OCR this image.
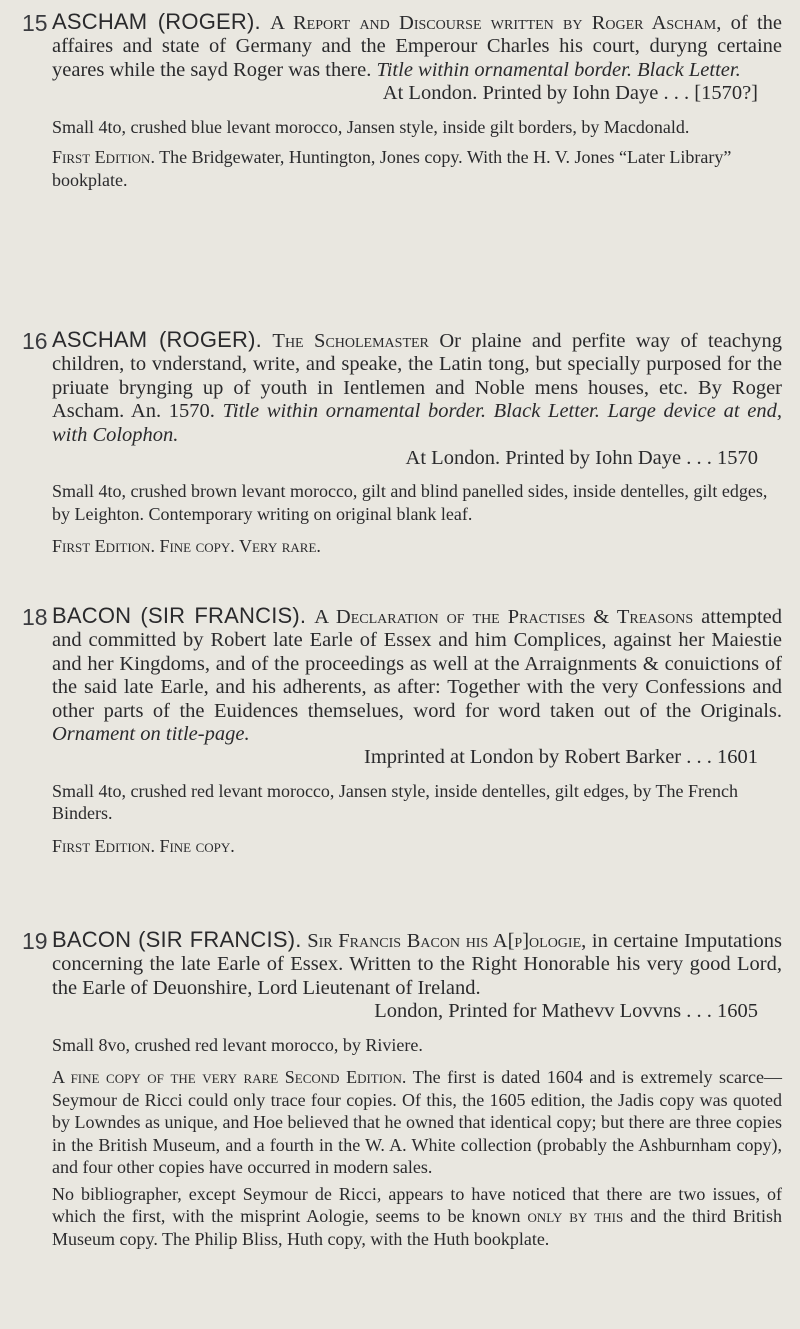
15 ASCHAM (ROGER). A Report and Discourse written by Roger Ascham, of the affaires and state of Germany and the Emperour Charles his court, duryng certaine yeares while the sayd Roger was there. Title within ornamental border. Black Letter.
At London. Printed by Iohn Daye . . . [1570?]

Small 4to, crushed blue levant morocco, Jansen style, inside gilt borders, by Macdonald.

First Edition. The Bridgewater, Huntington, Jones copy. With the H. V. Jones “Later Library” bookplate.

16 ASCHAM (ROGER). The Scholemaster Or plaine and perfite way of teachyng children, to vnderstand, write, and speake, the Latin tong, but specially purposed for the priuate brynging up of youth in Ientlemen and Noble mens houses, etc. By Roger Ascham. An. 1570. Title within ornamental border. Black Letter. Large device at end, with Colophon.
At London. Printed by Iohn Daye . . . 1570

Small 4to, crushed brown levant morocco, gilt and blind panelled sides, inside dentelles, gilt edges, by Leighton. Contemporary writing on original blank leaf.

First Edition. Fine copy. Very rare.

18 BACON (SIR FRANCIS). A Declaration of the Practises & Treasons attempted and committed by Robert late Earle of Essex and him Complices, against her Maiestie and her Kingdoms, and of the proceedings as well at the Arraignments & conuictions of the said late Earle, and his adherents, as after: Together with the very Confessions and other parts of the Euidences themselues, word for word taken out of the Originals. Ornament on title-page.
Imprinted at London by Robert Barker . . . 1601

Small 4to, crushed red levant morocco, Jansen style, inside dentelles, gilt edges, by The French Binders.

First Edition. Fine copy.

19 BACON (SIR FRANCIS). Sir Francis Bacon his A[p]ologie, in certaine Imputations concerning the late Earle of Essex. Written to the Right Honorable his very good Lord, the Earle of Deuonshire, Lord Lieutenant of Ireland.
London, Printed for Mathevv Lovvns . . . 1605

Small 8vo, crushed red levant morocco, by Riviere.

A fine copy of the very rare Second Edition. The first is dated 1604 and is extremely scarce—Seymour de Ricci could only trace four copies. Of this, the 1605 edition, the Jadis copy was quoted by Lowndes as unique, and Hoe believed that he owned that identical copy; but there are three copies in the British Museum, and a fourth in the W. A. White collection (probably the Ashburnham copy), and four other copies have occurred in modern sales.

No bibliographer, except Seymour de Ricci, appears to have noticed that there are two issues, of which the first, with the misprint Aologie, seems to be known only by this and the third British Museum copy. The Philip Bliss, Huth copy, with the Huth bookplate.
